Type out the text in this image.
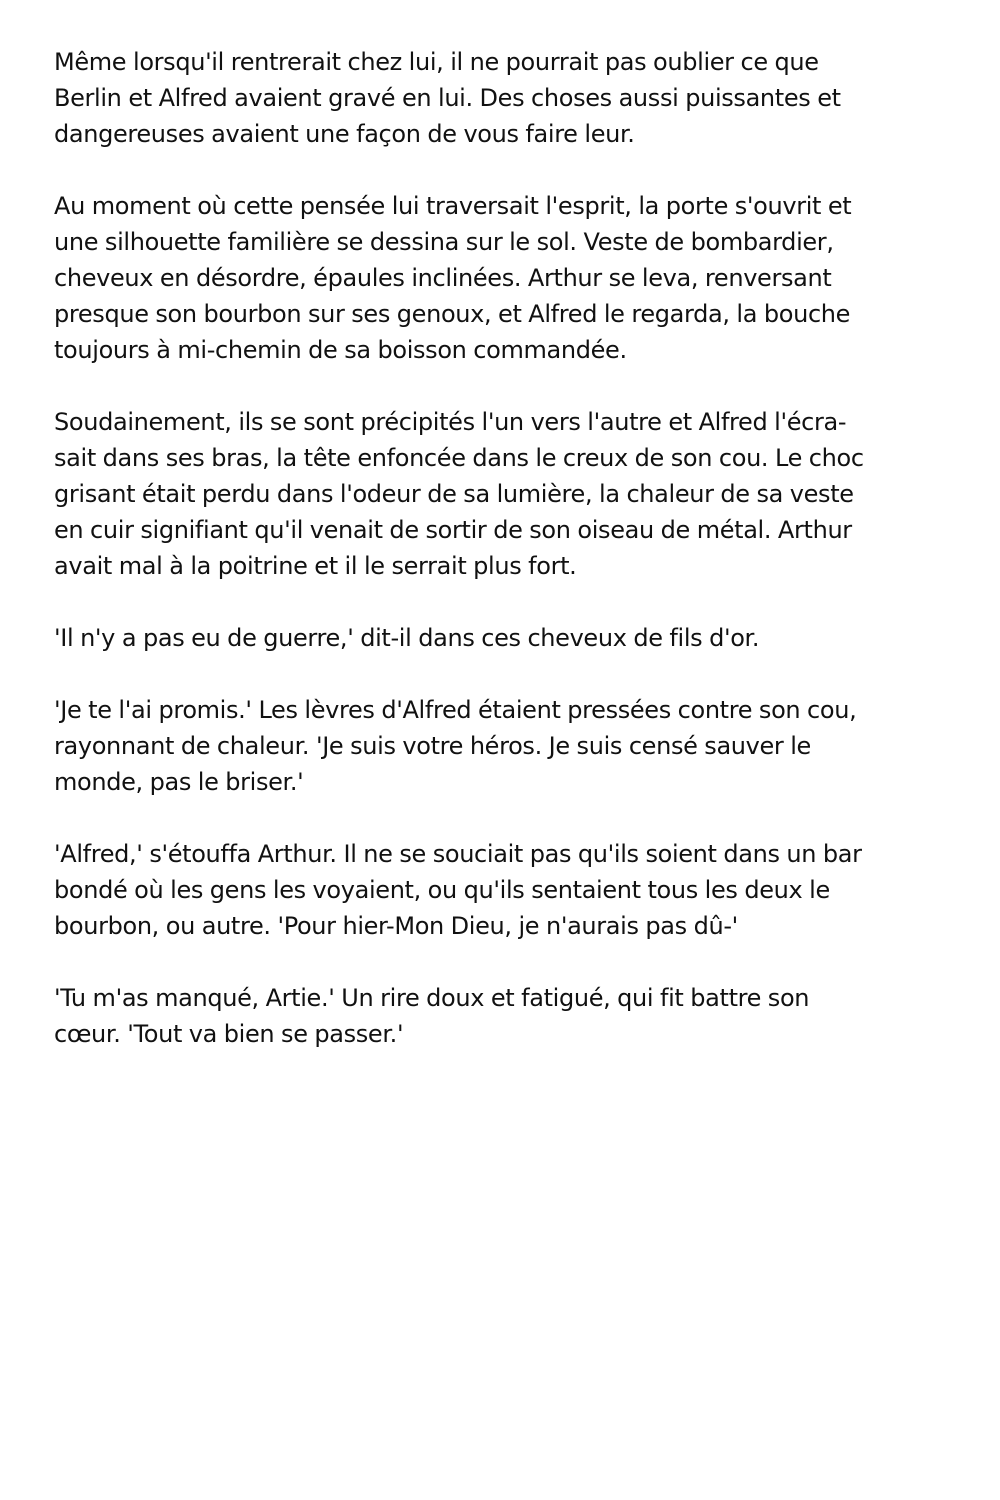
Même lorsqu'il rentrerait chez lui, il ne pourrait pas oublier ce que
Berlin et Alfred avaient gravé en lui. Des choses aussi puissantes et
dangereuses avaient une façon de vous faire leur.
Au moment où cette pensée lui traversait l'esprit, la porte s'ouvrit et
une silhouette familière se dessina sur le sol. Veste de bombardier,
cheveux en désordre, épaules inclinées. Arthur se leva, renversant
presque son bourbon sur ses genoux, et Alfred le regarda, la bouche
toujours à mi-chemin de sa boisson commandée.
Soudainement, ils se sont précipités l'un vers l'autre et Alfred l'écra-
sait dans ses bras, la tête enfoncée dans le creux de son cou. Le choc
grisant était perdu dans l'odeur de sa lumière, la chaleur de sa veste
en cuir signifiant qu'il venait de sortir de son oiseau de métal. Arthur
avait mal à la poitrine et il le serrait plus fort.
'Il n'y a pas eu de guerre,' dit-il dans ces cheveux de fils d'or.
'Je te l'ai promis.' Les lèvres d'Alfred étaient pressées contre son cou,
rayonnant de chaleur. 'Je suis votre héros. Je suis censé sauver le
monde, pas le briser.'
'Alfred,' s'étouffa Arthur. Il ne se souciait pas qu'ils soient dans un bar
bondé où les gens les voyaient, ou qu'ils sentaient tous les deux le
bourbon, ou autre. 'Pour hier-Mon Dieu, je n'aurais pas dû-'
'Tu m'as manqué, Artie.' Un rire doux et fatigué, qui fit battre son
cœur. 'Tout va bien se passer.'
